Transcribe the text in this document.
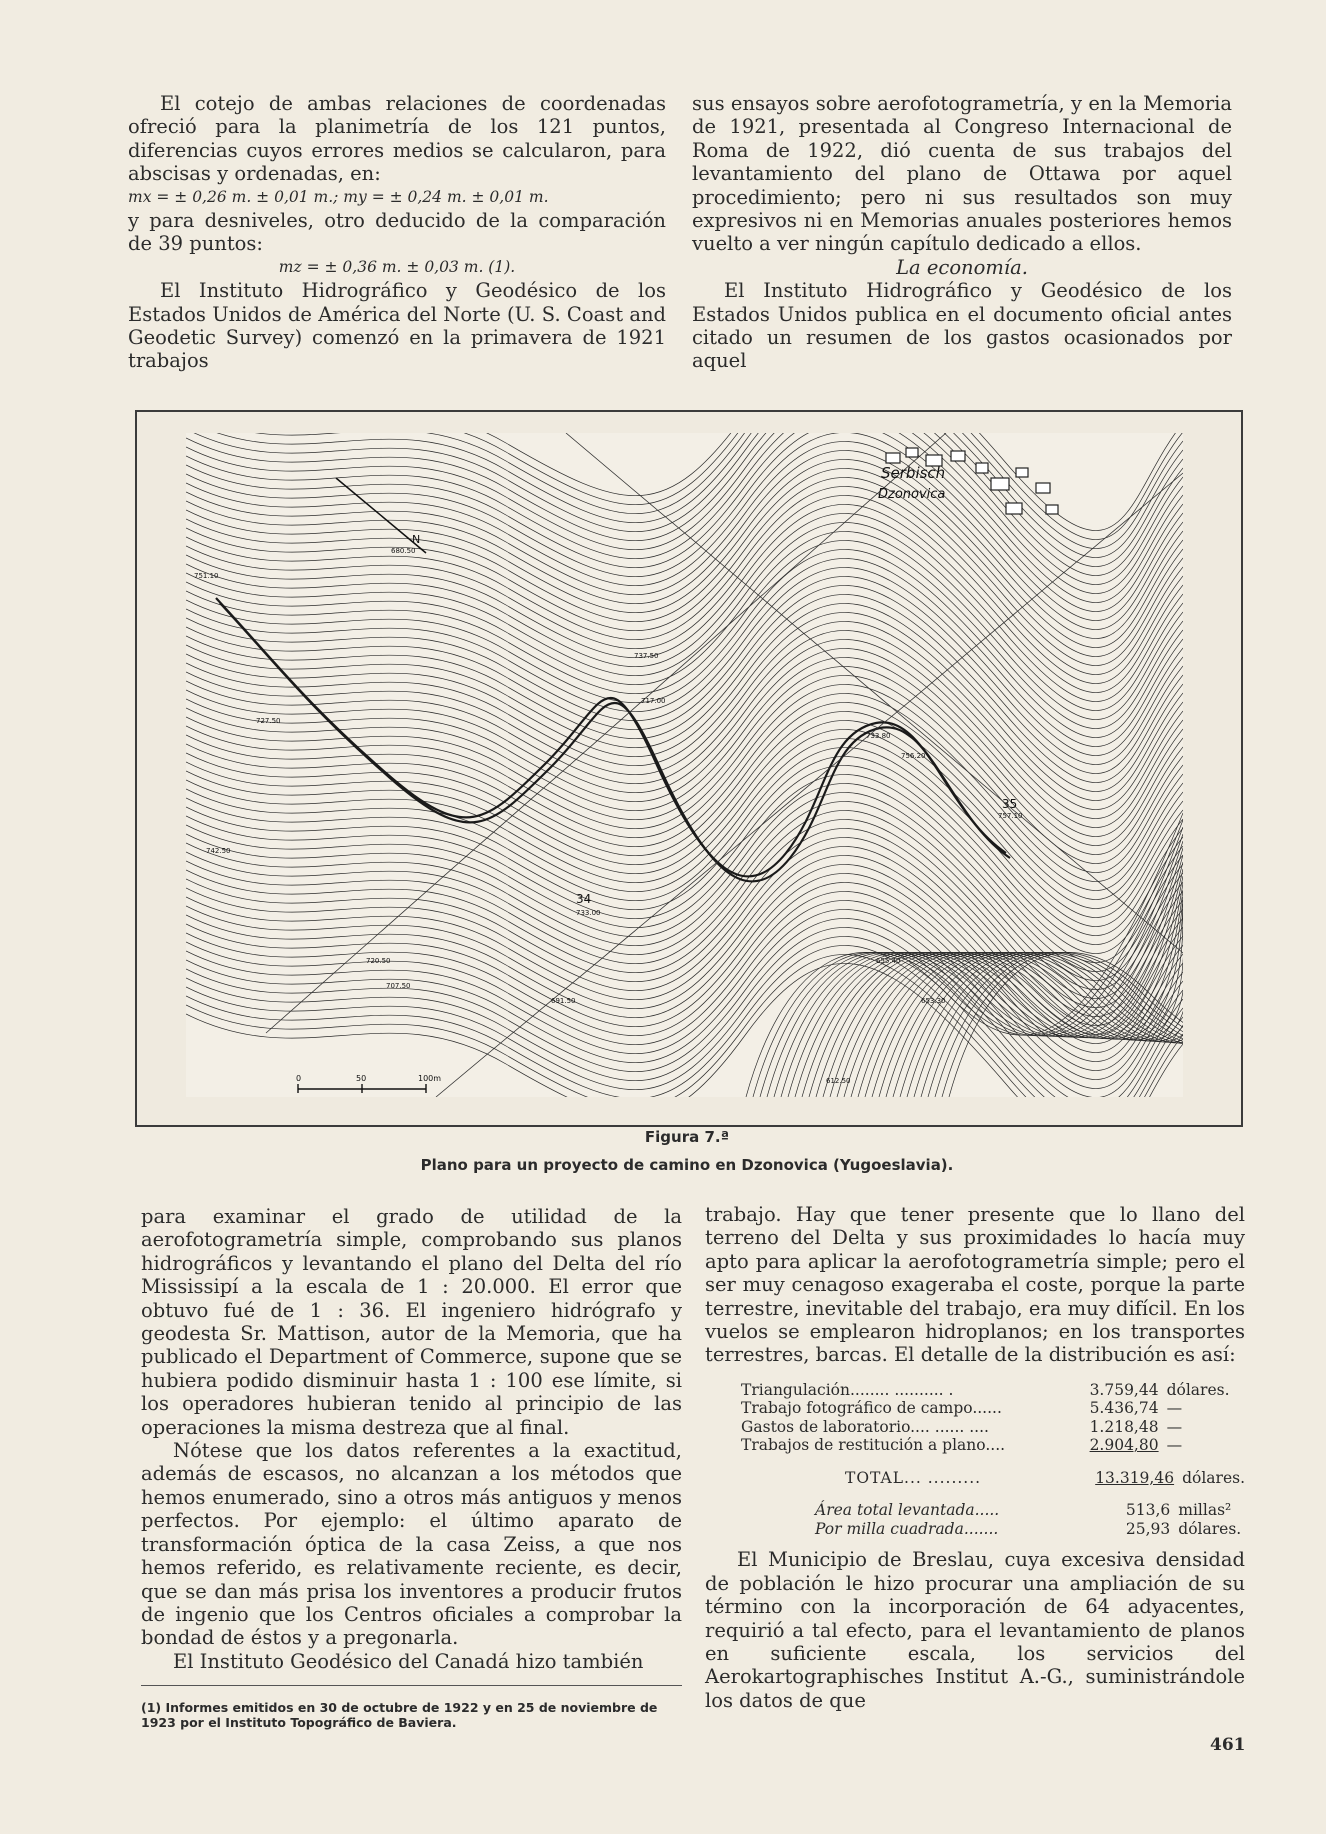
El cotejo de ambas relaciones de coordenadas ofreció para la planimetría de los 121 puntos, diferencias cuyos errores medios se calcularon, para abscisas y ordenadas, en:

mx = ± 0,26 m. ± 0,01 m.; my = ± 0,24 m. ± 0,01 m.

y para desniveles, otro deducido de la comparación de 39 puntos:

mz = ± 0,36 m. ± 0,03 m. (1).

El Instituto Hidrográfico y Geodésico de los Estados Unidos de América del Norte (U. S. Coast and Geodetic Survey) comenzó en la primavera de 1921 trabajos

sus ensayos sobre aerofotogrametría, y en la Memoria de 1921, presentada al Congreso Internacional de Roma de 1922, dió cuenta de sus trabajos del levantamiento del plano de Ottawa por aquel procedimiento; pero ni sus resultados son muy expresivos ni en Memorias anuales posteriores hemos vuelto a ver ningún capítulo dedicado a ellos.

La economía.

El Instituto Hidrográfico y Geodésico de los Estados Unidos publica en el documento oficial antes citado un resumen de los gastos ocasionados por aquel

Serbisch
Dzonovica
N
34
35
751.10
727.50
742.50
720.50
707.50
733.00
737.50
717.00
733.80
756.20
757.10
655.40
653.30
612.50
691.50
680.50
0	50	100m
Figura 7.ª
Plano para un proyecto de camino en Dzonovica (Yugoeslavia).

para examinar el grado de utilidad de la aerofotogrametría simple, comprobando sus planos hidrográficos y levantando el plano del Delta del río Mississipí a la escala de 1 : 20.000. El error que obtuvo fué de 1 : 36. El ingeniero hidrógrafo y geodesta Sr. Mattison, autor de la Memoria, que ha publicado el Department of Commerce, supone que se hubiera podido disminuir hasta 1 : 100 ese límite, si los operadores hubieran tenido al principio de las operaciones la misma destreza que al final.

Nótese que los datos referentes a la exactitud, además de escasos, no alcanzan a los métodos que hemos enumerado, sino a otros más antiguos y menos perfectos. Por ejemplo: el último aparato de transformación óptica de la casa Zeiss, a que nos hemos referido, es relativamente reciente, es decir, que se dan más prisa los inventores a producir frutos de ingenio que los Centros oficiales a comprobar la bondad de éstos y a pregonarla.

El Instituto Geodésico del Canadá hizo también

(1) Informes emitidos en 30 de octubre de 1922 y en 25 de noviembre de 1923 por el Instituto Topográfico de Baviera.

trabajo. Hay que tener presente que lo llano del terreno del Delta y sus proximidades lo hacía muy apto para aplicar la aerofotogrametría simple; pero el ser muy cenagoso exageraba el coste, porque la parte terrestre, inevitable del trabajo, era muy difícil. En los vuelos se emplearon hidroplanos; en los transportes terrestres, barcas. El detalle de la distribución es así:

Triangulación........ .......... .	3.759,44 dólares.
Trabajo fotográfico de campo......	5.436,74 —
Gastos de laboratorio.... ...... ....	1.218,48 —
Trabajos de restitución a plano....	2.904,80 —
TOTAL... .........	13.319,46 dólares.
Área total levantada.....	513,6 millas²
Por milla cuadrada.......	25,93 dólares.

El Municipio de Breslau, cuya excesiva densidad de población le hizo procurar una ampliación de su término con la incorporación de 64 adyacentes, requirió a tal efecto, para el levantamiento de planos en suficiente escala, los servicios del Aerokartographisches Institut A.-G., suministrándole los datos de que

461
